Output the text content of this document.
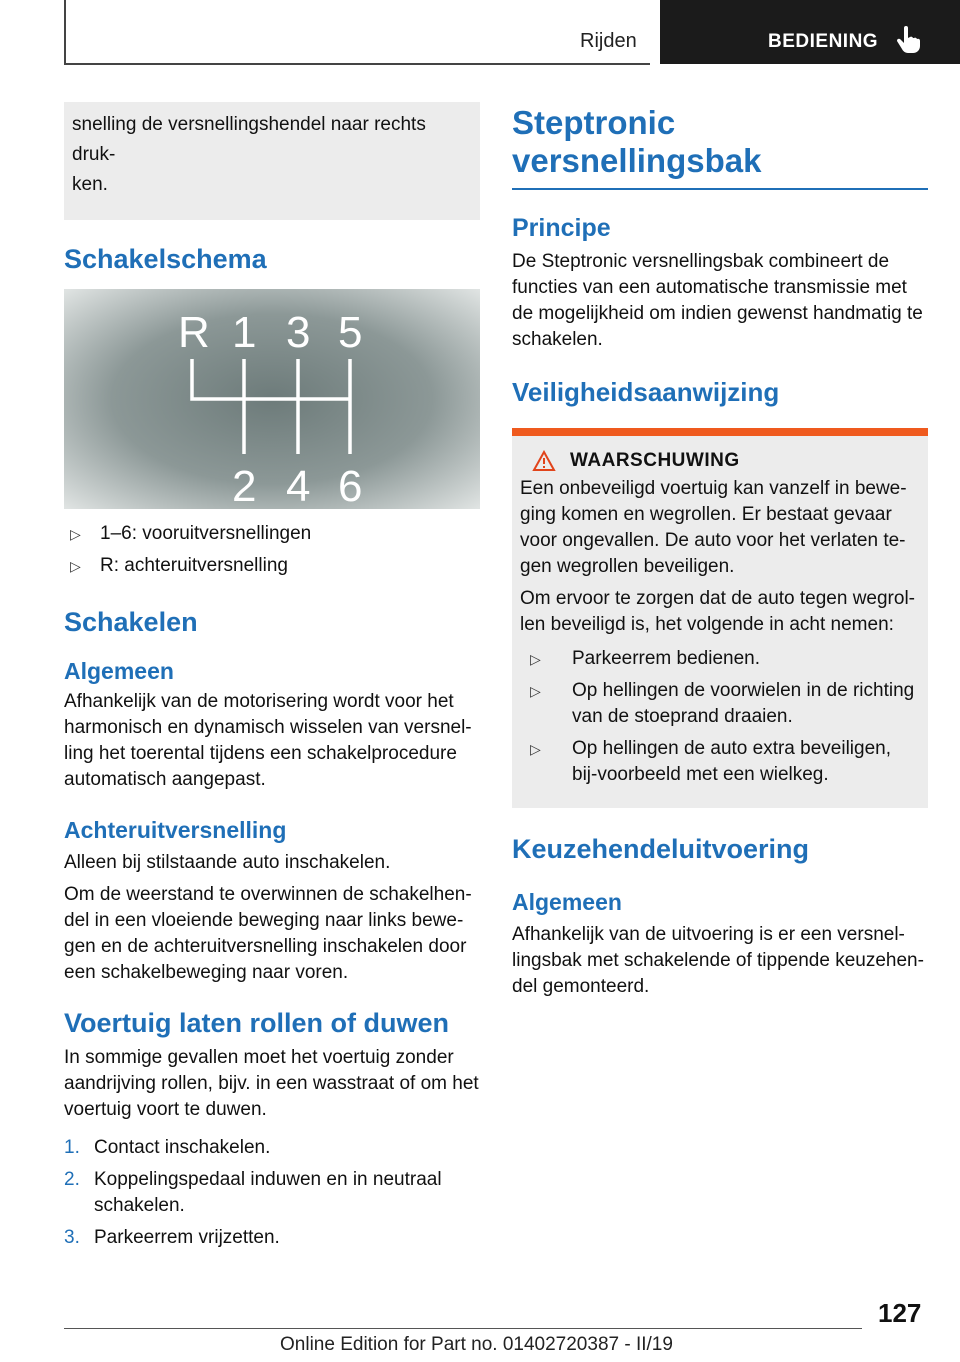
Rijden	BEDIENING

snelling de versnellingshendel naar rechts druk-
ken.

Schakelschema
R 1 3 5
2 4 6
▷	1–6: vooruitversnellingen
▷	R: achteruitversnelling
Schakelen
Algemeen

Afhankelijk van de motorisering wordt voor het harmonisch en dynamisch wisselen van versnel-ling het toerental tijdens een schakelprocedure automatisch aangepast.

Achteruitversnelling

Alleen bij stilstaande auto inschakelen.

Om de weerstand te overwinnen de schakelhen-del in een vloeiende beweging naar links bewe-gen en de achteruitversnelling inschakelen door een schakelbeweging naar voren.

Voertuig laten rollen of duwen

In sommige gevallen moet het voertuig zonder aandrijving rollen, bijv. in een wasstraat of om het voertuig voort te duwen.

1. Contact inschakelen.
2. Koppelingspedaal induwen en in neutraal schakelen.
3. Parkeerrem vrijzetten.
Steptronic versnellingsbak
Principe

De Steptronic versnellingsbak combineert de functies van een automatische transmissie met de mogelijkheid om indien gewenst handmatig te schakelen.

Veiligheidsaanwijzing
WAARSCHUWING

Een onbeveiligd voertuig kan vanzelf in bewe-ging komen en wegrollen. Er bestaat gevaar voor ongevallen. De auto voor het verlaten te-gen wegrollen beveiligen.

Om ervoor te zorgen dat de auto tegen wegrol-len beveiligd is, het volgende in acht nemen:

▷	Parkeerrem bedienen.
▷	Op hellingen de voorwielen in de richting van de stoeprand draaien.
▷	Op hellingen de auto extra beveiligen, bij-voorbeeld met een wielkeg.
Keuzehendeluitvoering
Algemeen

Afhankelijk van de uitvoering is er een versnel-lingsbak met schakelende of tippende keuzehen-del gemonteerd.

127
Online Edition for Part no. 01402720387 - II/19
